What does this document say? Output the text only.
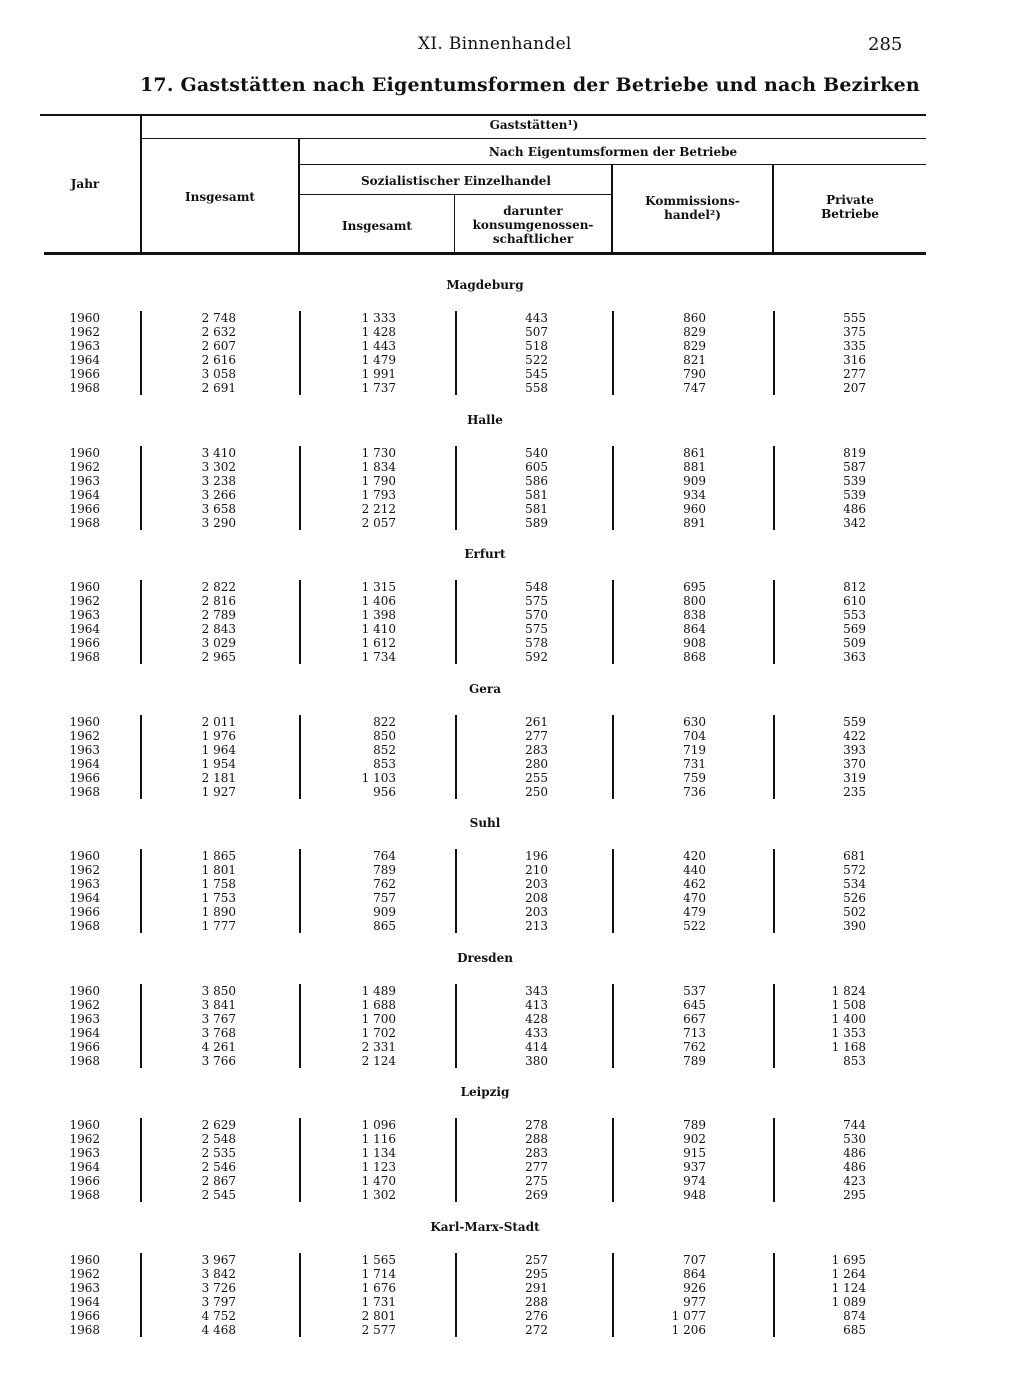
XI. Binnenhandel	285
17. Gaststätten nach Eigentumsformen der Betriebe und nach Bezirken
Jahr
Gaststätten¹)
Insgesamt
Nach Eigentumsformen der Betriebe
Sozialistischer Einzelhandel
Insgesamt
darunter
konsumgenossen-
schaftlicher
Kommissions-
handel²)
Private
Betriebe
Magdeburg
1960	2 748	1 333	443	860	555
1962	2 632	1 428	507	829	375
1963	2 607	1 443	518	829	335
1964	2 616	1 479	522	821	316
1966	3 058	1 991	545	790	277
1968	2 691	1 737	558	747	207
Halle
1960	3 410	1 730	540	861	819
1962	3 302	1 834	605	881	587
1963	3 238	1 790	586	909	539
1964	3 266	1 793	581	934	539
1966	3 658	2 212	581	960	486
1968	3 290	2 057	589	891	342
Erfurt
1960	2 822	1 315	548	695	812
1962	2 816	1 406	575	800	610
1963	2 789	1 398	570	838	553
1964	2 843	1 410	575	864	569
1966	3 029	1 612	578	908	509
1968	2 965	1 734	592	868	363
Gera
1960	2 011	822	261	630	559
1962	1 976	850	277	704	422
1963	1 964	852	283	719	393
1964	1 954	853	280	731	370
1966	2 181	1 103	255	759	319
1968	1 927	956	250	736	235
Suhl
1960	1 865	764	196	420	681
1962	1 801	789	210	440	572
1963	1 758	762	203	462	534
1964	1 753	757	208	470	526
1966	1 890	909	203	479	502
1968	1 777	865	213	522	390
Dresden
1960	3 850	1 489	343	537	1 824
1962	3 841	1 688	413	645	1 508
1963	3 767	1 700	428	667	1 400
1964	3 768	1 702	433	713	1 353
1966	4 261	2 331	414	762	1 168
1968	3 766	2 124	380	789	853
Leipzig
1960	2 629	1 096	278	789	744
1962	2 548	1 116	288	902	530
1963	2 535	1 134	283	915	486
1964	2 546	1 123	277	937	486
1966	2 867	1 470	275	974	423
1968	2 545	1 302	269	948	295
Karl-Marx-Stadt
1960	3 967	1 565	257	707	1 695
1962	3 842	1 714	295	864	1 264
1963	3 726	1 676	291	926	1 124
1964	3 797	1 731	288	977	1 089
1966	4 752	2 801	276	1 077	874
1968	4 468	2 577	272	1 206	685
